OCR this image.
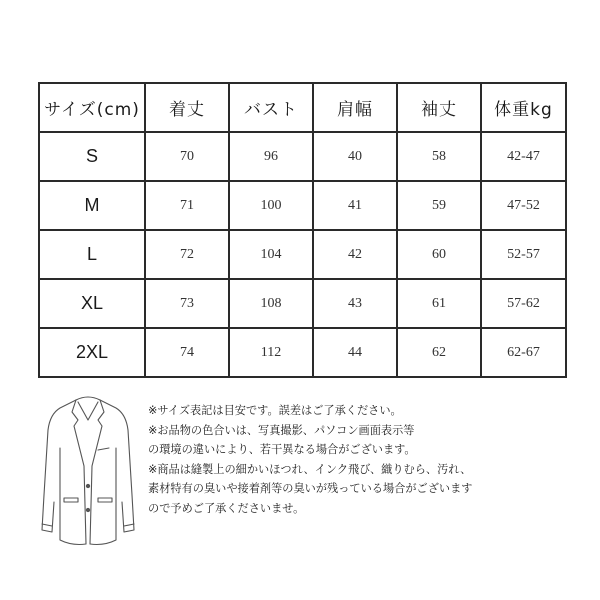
サイズ(cm)	着丈	バスト	肩幅	袖丈	体重kg
S	70	96	40	58	42-47
M	71	100	41	59	47-52
L	72	104	42	60	52-57
XL	73	108	43	61	57-62
2XL	74	112	44	62	62-67
※サイズ表記は目安です。誤差はご了承ください。
※お品物の色合いは、写真撮影、パソコン画面表示等
の環境の違いにより、若干異なる場合がございます。
※商品は縫製上の細かいほつれ、インク飛び、織りむら、汚れ、
素材特有の臭いや接着剤等の臭いが残っている場合がございます
ので予めご了承くださいませ。
